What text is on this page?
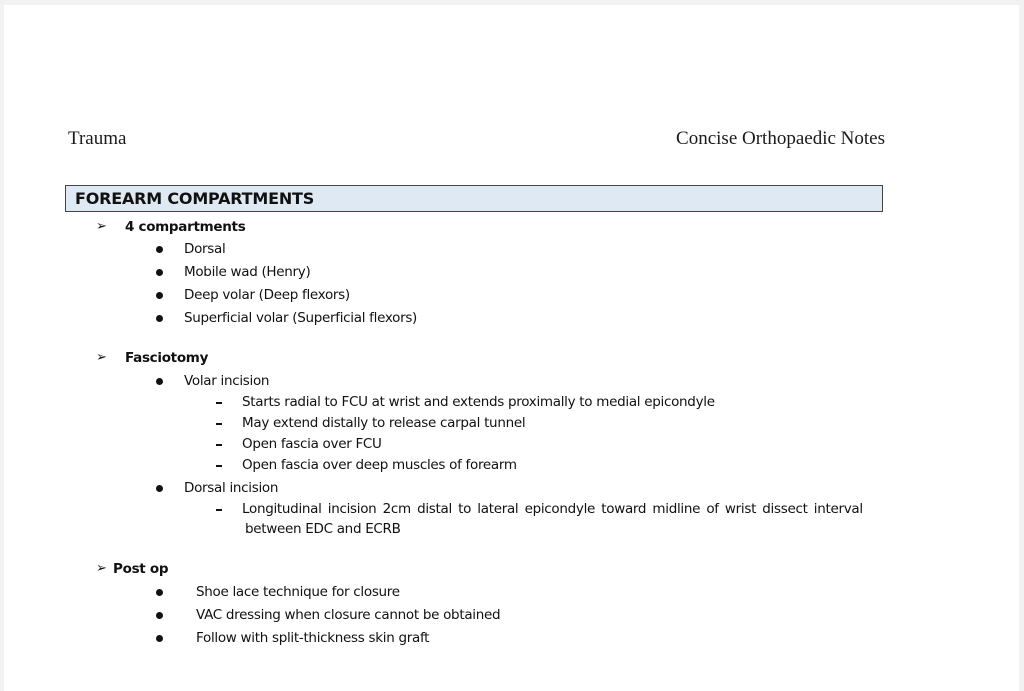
Trauma	Concise Orthopaedic Notes
FOREARM COMPARTMENTS
➢ 4 compartments
Dorsal
Mobile wad (Henry)
Deep volar (Deep flexors)
Superficial volar (Superficial flexors)
➢ Fasciotomy
Volar incision
Starts radial to FCU at wrist and extends proximally to medial epicondyle
May extend distally to release carpal tunnel
Open fascia over FCU
Open fascia over deep muscles of forearm
Dorsal incision
Longitudinal incision 2cm distal to lateral epicondyle toward midline of wrist dissect interval
between EDC and ECRB
➢ Post op
Shoe lace technique for closure
VAC dressing when closure cannot be obtained
Follow with split-thickness skin graft
